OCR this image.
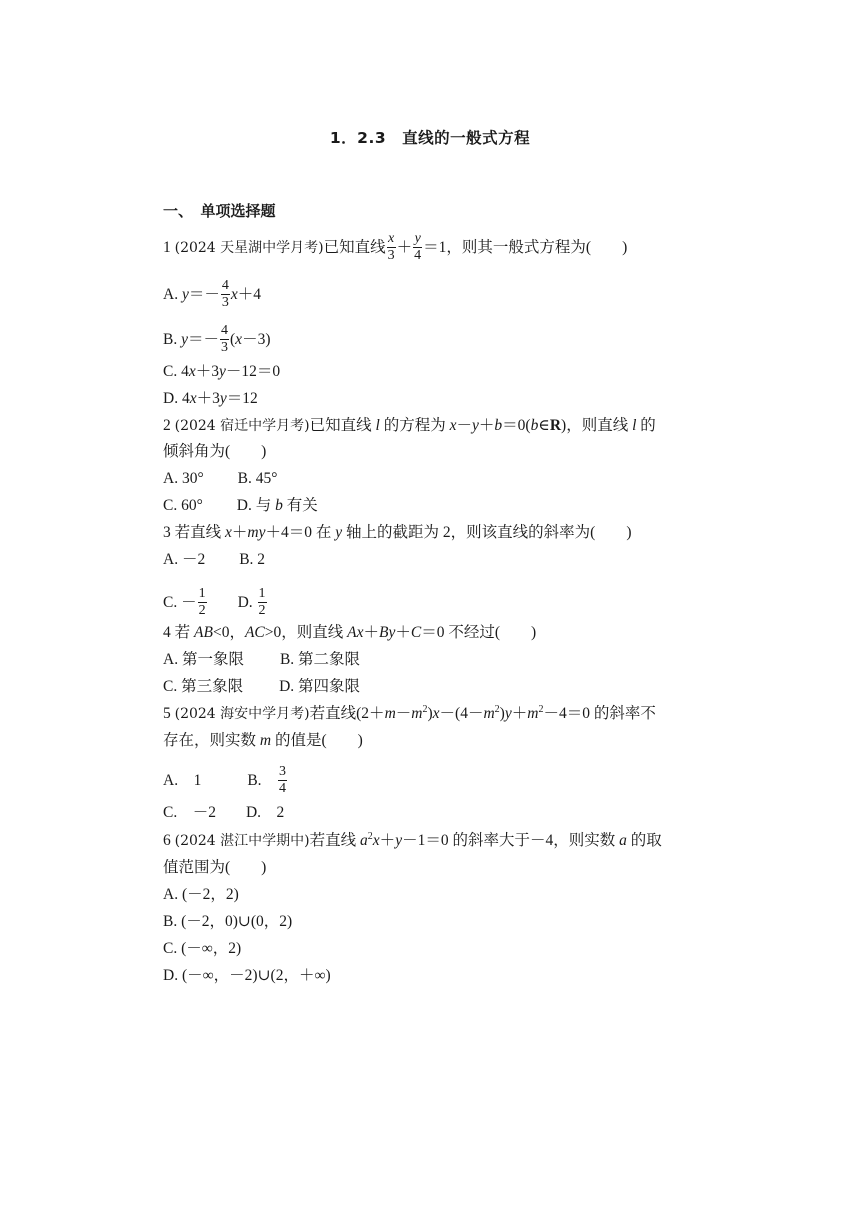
1．2.3　直线的一般式方程
一、　单项选择题
1 (2024 天星湖中学月考)已知直线 $\frac{x}{3} + \frac{y}{4} =1$，则其一般式方程为(　　)
A. $y=- \frac{4}{3} x+4$
B. $y=- \frac{4}{3} (x-3)$
C. 4x＋3y－12＝0
D. 4x＋3y＝12
2 (2024 宿迁中学月考)已知直线 l 的方程为 x－y＋b＝0(b∈R)，则直线 l 的
倾斜角为(　　)
A. 30° B. 45°
C. 60° D. 与 b 有关
3 若直线 x＋my＋4＝0 在 y 轴上的截距为 2，则该直线的斜率为(　　)
A. －2 B. 2
C. － $\frac{1}{2} D$. $\frac{1}{2}$
4 若 AB<0，AC>0，则直线 Ax＋By＋C＝0 不经过(　　)
A. 第一象限 B. 第二象限
C. 第三象限 D. 第四象限
5 (2024 海安中学月考)若直线$(2+m-m^2)x-(4-m^2)y+m^2-4=0$ 的斜率不
存在，则实数 m 的值是(　　)
A.　1	B.　 $\frac{3}{4}$
C.　－2 D.　2
6 (2024 湛江中学期中)若直线 $a^2x+y-1=0$ 的斜率大于－4，则实数 a 的取
值范围为(　　)
A. (－2，2)
B. (－2，0)∪(0，2)
C. (－∞，2)
D. (－∞，－2)∪(2，＋∞)
